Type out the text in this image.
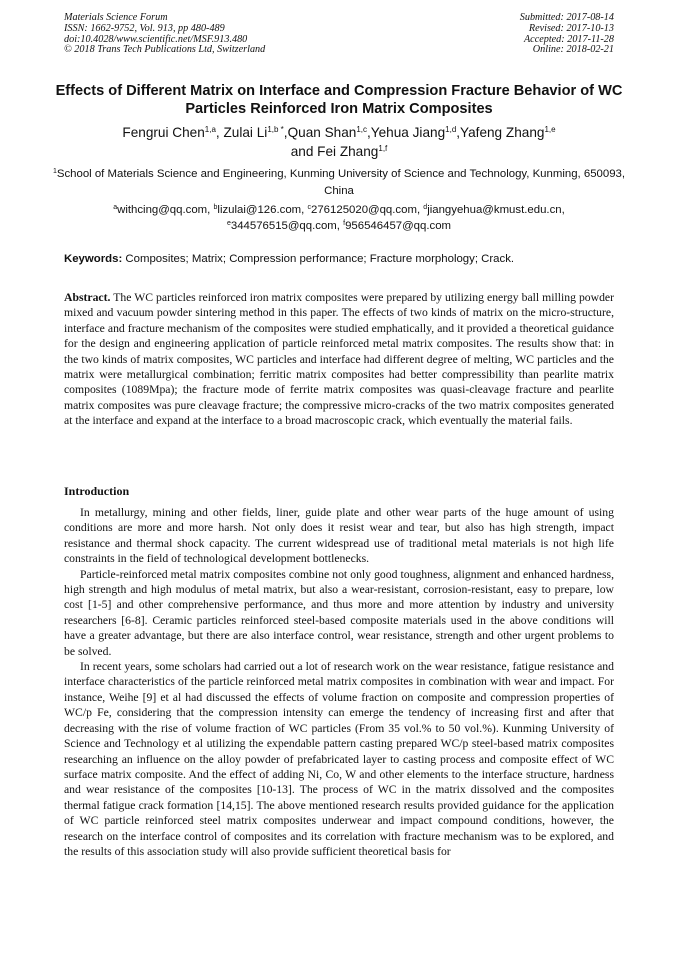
Materials Science Forum
ISSN: 1662-9752, Vol. 913, pp 480-489
doi:10.4028/www.scientific.net/MSF.913.480
© 2018 Trans Tech Publications Ltd, Switzerland
Submitted: 2017-08-14
Revised: 2017-10-13
Accepted: 2017-11-28
Online: 2018-02-21
Effects of Different Matrix on Interface and Compression Fracture Behavior of WC Particles Reinforced Iron Matrix Composites
Fengrui Chen$^{1,a}$, Zulai $Li^{1,b *},Quan$ Shan$^{1,c}$,Yehua Jiang$^{1,d}$,Yafeng Zhang$^{1,e}$
and Fei Zhang$^{1,f}$
$^1$School of Materials Science and Engineering, Kunming University of Science and Technology, Kunming, 650093, China
$^a$withcing@qq.com, $^b$lizulai@126.com, $^c$276125020@qq.com, $^d$jiangyehua@kmust.edu.cn,
$^e$344576515@qq.com, $^f$956546457@qq.com
Keywords: Composites; Matrix; Compression performance; Fracture morphology; Crack.
Abstract. The WC particles reinforced iron matrix composites were prepared by utilizing energy ball milling powder mixed and vacuum powder sintering method in this paper. The effects of two kinds of matrix on the micro-structure, interface and fracture mechanism of the composites were studied emphatically, and it provided a theoretical guidance for the design and engineering application of particle reinforced metal matrix composites. The results show that: in the two kinds of matrix composites, WC particles and interface had different degree of melting, WC particles and the matrix were metallurgical combination; ferritic matrix composites had better compressibility than pearlite matrix composites (1089Mpa); the fracture mode of ferrite matrix composites was quasi-cleavage fracture and pearlite matrix composites was pure cleavage fracture; the compressive micro-cracks of the two matrix composites generated at the interface and expand at the interface to a broad macroscopic crack, which eventually the material fails.
Introduction

In metallurgy, mining and other fields, liner, guide plate and other wear parts of the huge amount of using conditions are more and more harsh. Not only does it resist wear and tear, but also has high strength, impact resistance and thermal shock capacity. The current widespread use of traditional metal materials is not high life constraints in the field of technological development bottlenecks.

Particle-reinforced metal matrix composites combine not only good toughness, alignment and enhanced hardness, high strength and high modulus of metal matrix, but also a wear-resistant, corrosion-resistant, easy to prepare, low cost [1-5] and other comprehensive performance, and thus more and more attention by industry and university researchers [6-8]. Ceramic particles reinforced steel-based composite materials used in the above conditions will have a greater advantage, but there are also interface control, wear resistance, strength and other urgent problems to be solved.

In recent years, some scholars had carried out a lot of research work on the wear resistance, fatigue resistance and interface characteristics of the particle reinforced metal matrix composites in combination with wear and impact. For instance, Weihe [9] et al had discussed the effects of volume fraction on composite and compression properties of WC/p Fe, considering that the compression intensity can emerge the tendency of increasing first and after that decreasing with the rise of volume fraction of WC particles (From 35 vol.% to 50 vol.%). Kunming University of Science and Technology et al utilizing the expendable pattern casting prepared WC/p steel-based matrix composites researching an influence on the alloy powder of prefabricated layer to casting process and composite effect of WC surface matrix composite. And the effect of adding Ni, Co, W and other elements to the interface structure, hardness and wear resistance of the composites [10-13]. The process of WC in the matrix dissolved and the composites thermal fatigue crack formation [14,15]. The above mentioned research results provided guidance for the application of WC particle reinforced steel matrix composites underwear and impact compound conditions, however, the research on the interface control of composites and its correlation with fracture mechanism was to be explored, and the results of this association study will also provide sufficient theoretical basis for
